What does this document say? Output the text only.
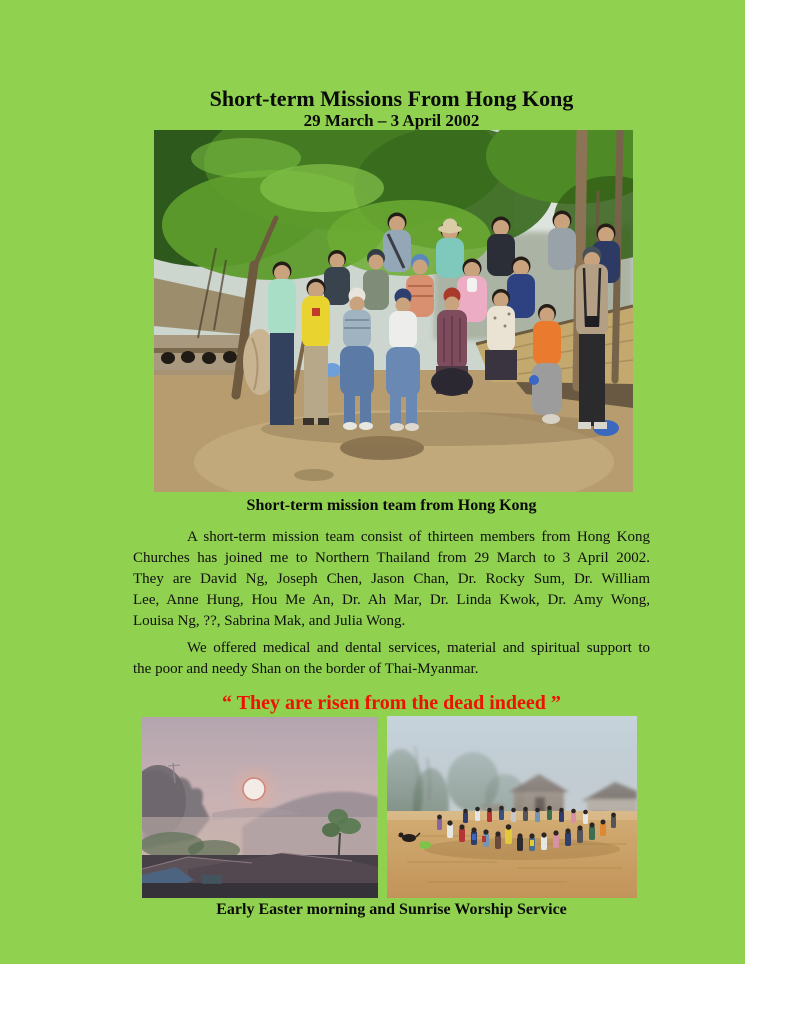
Short-term Missions From Hong Kong
29 March – 3 April 2002
Short-term mission team from Hong Kong
A short-term mission team consist of thirteen members from Hong Kong
Churches has joined me to Northern Thailand from 29 March to 3 April 2002.
They are David Ng, Joseph Chen, Jason Chan, Dr. Rocky Sum, Dr. William
Lee, Anne Hung, Hou Me An, Dr. Ah Mar, Dr. Linda Kwok, Dr. Amy Wong,
Louisa Ng, ??, Sabrina Mak, and Julia Wong.
We offered medical and dental services, material and spiritual support to
the poor and needy Shan on the border of Thai-Myanmar.
“ They are risen from the dead indeed ”
Early Easter morning and Sunrise Worship Service
